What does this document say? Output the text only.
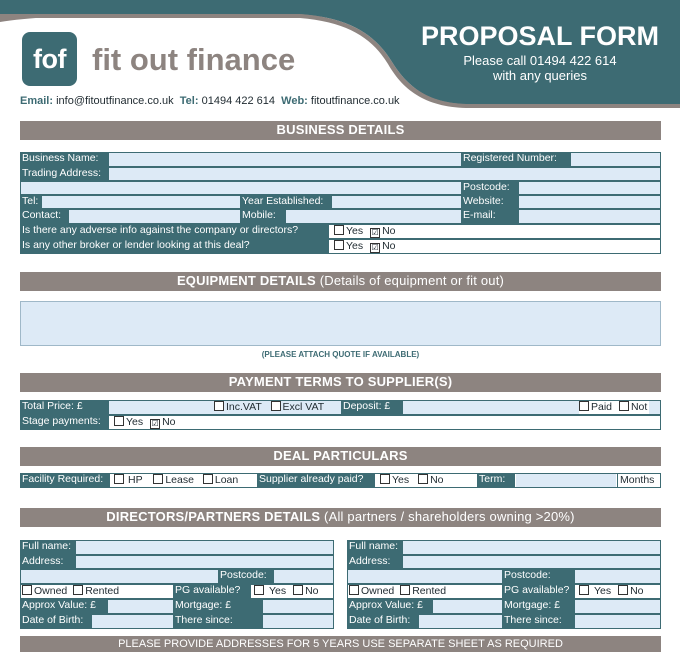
fof fit out finance
Email: info@fitoutfinance.co.uk Tel: 01494 422 614 Web: fitoutfinance.co.uk
PROPOSAL FORM
Please call 01494 422 614
with any queries
BUSINESS DETAILS
Business Name:	Registered Number:
Trading Address:
Postcode:
Tel:	Year Established:	Website:
Contact:	Mobile:	E-mail:
Is there any adverse info against the company or directors?	Yes ☑ No
Is any other broker or lender looking at this deal?	Yes ☑ No
EQUIPMENT DETAILS (Details of equipment or fit out)
(PLEASE ATTACH QUOTE IF AVAILABLE)
PAYMENT TERMS TO SUPPLIER(S)
Total Price: £	Inc.VAT Excl VAT Deposit: £	Paid Not
Stage payments:	Yes ☑ No
DEAL PARTICULARS
Facility Required:	HP Lease Loan Supplier already paid?	Yes No	Term:	Months
DIRECTORS/PARTNERS DETAILS (All partners / shareholders owning >20%)
Full name:
Address:
Postcode:
Owned Rented	PG available?	Yes No
Approx Value: £	Mortgage: £
Date of Birth:	There since:
Full name:
Address:
Postcode:
Owned Rented	PG available?	Yes No
Approx Value: £	Mortgage: £
Date of Birth:	There since:
PLEASE PROVIDE ADDRESSES FOR 5 YEARS USE SEPARATE SHEET AS REQUIRED
